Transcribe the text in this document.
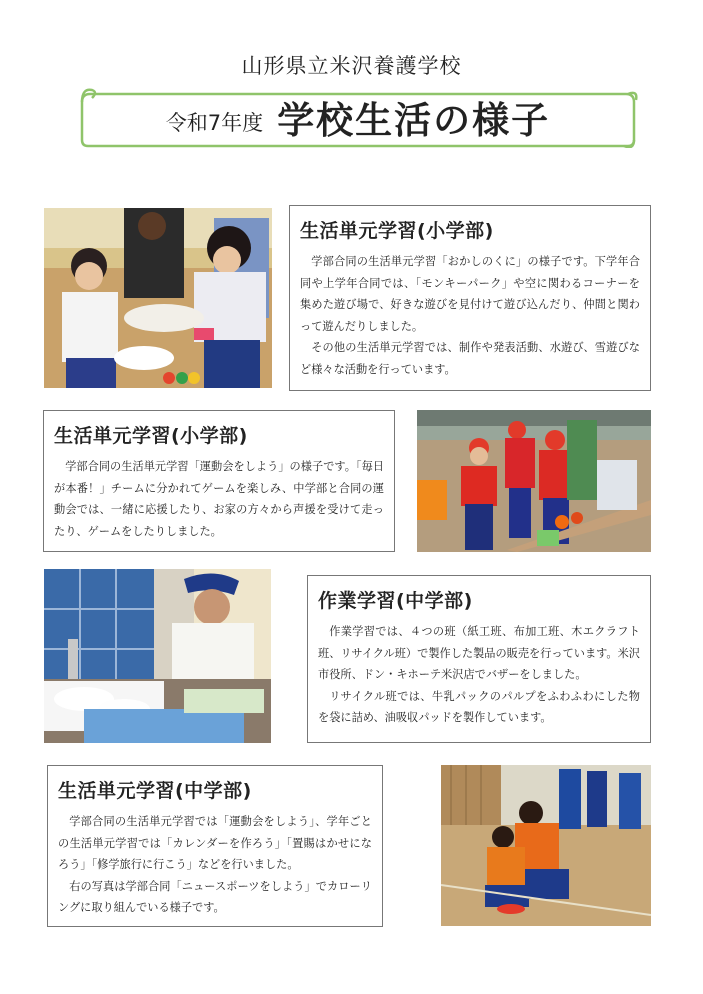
山形県立米沢養護学校
令和7年度 学校生活の様子
生活単元学習(小学部)

学部合同の生活単元学習「おかしのくに」の様子です。下学年合同や上学年合同では、「モンキーパーク」や空に関わるコーナーを集めた遊び場で、好きな遊びを見付けて遊び込んだり、仲間と関わって遊んだりしました。

その他の生活単元学習では、制作や発表活動、水遊び、雪遊びなど様々な活動を行っています。

生活単元学習(小学部)

学部合同の生活単元学習「運動会をしよう」の様子です。「毎日が本番！」チームに分かれてゲームを楽しみ、中学部と合同の運動会では、一緒に応援したり、お家の方々から声援を受けて走ったり、ゲームをしたりしました。

作業学習(中学部)

作業学習では、４つの班（紙工班、布加工班、木エクラフト班、リサイクル班）で製作した製品の販売を行っています。米沢市役所、ドン・キホーテ米沢店でバザーをしました。

リサイクル班では、牛乳パックのパルプをふわふわにした物を袋に詰め、油吸収パッドを製作しています。

生活単元学習(中学部)

学部合同の生活単元学習では「運動会をしよう」、学年ごとの生活単元学習では「カレンダーを作ろう」「置賜はかせになろう」「修学旅行に行こう」などを行いました。

右の写真は学部合同「ニュースポーツをしよう」でカローリングに取り組んでいる様子です。
